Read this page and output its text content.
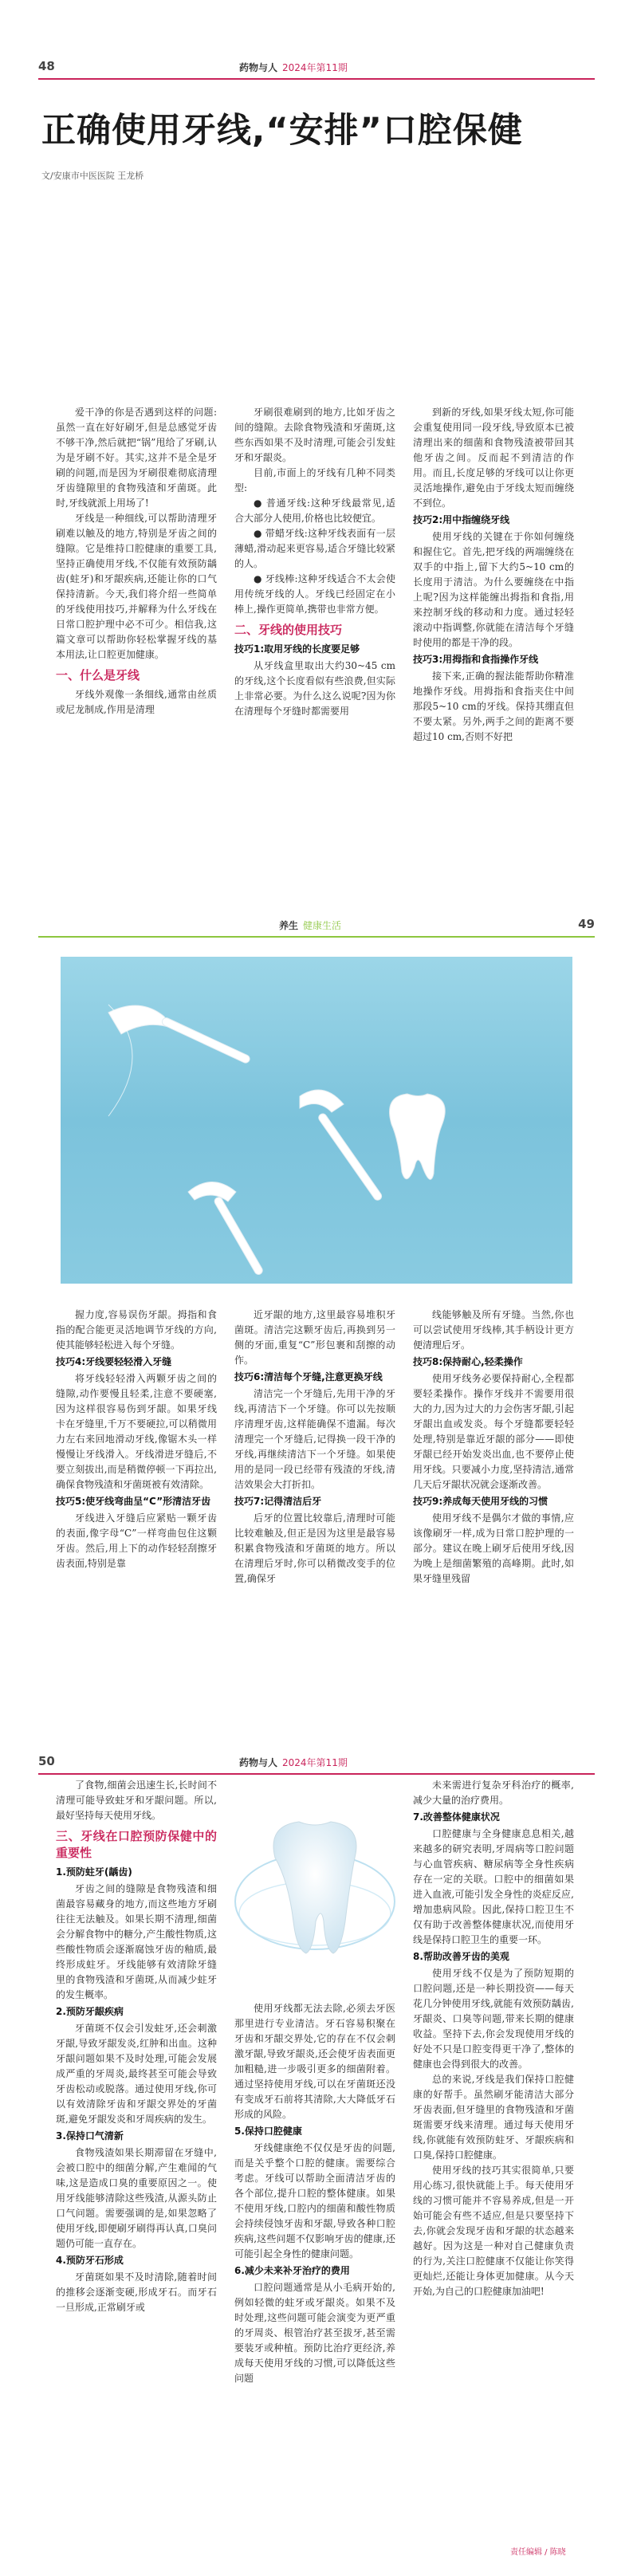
48	药物与人 2024年第11期
正确使用牙线,“安排”口腔保健
文/安康市中医医院 王龙桥

爱干净的你是否遇到这样的问题:虽然一直在好好刷牙,但是总感觉牙齿不够干净,然后就把“锅”甩给了牙刷,认为是牙刷不好。其实,这并不是全是牙刷的问题,而是因为牙刷很难彻底清理牙齿缝隙里的食物残渣和牙菌斑。此时,牙线就派上用场了!

牙线是一种细线,可以帮助清理牙刷难以触及的地方,特别是牙齿之间的缝隙。它是维持口腔健康的重要工具,坚持正确使用牙线,不仅能有效预防龋齿(蛀牙)和牙龈疾病,还能让你的口气保持清新。今天,我们将介绍一些简单的牙线使用技巧,并解释为什么牙线在日常口腔护理中必不可少。相信我,这篇文章可以帮助你轻松掌握牙线的基本用法,让口腔更加健康。

一、什么是牙线

牙线外观像一条细线,通常由丝质或尼龙制成,作用是清理

牙刷很难刷到的地方,比如牙齿之间的缝隙。去除食物残渣和牙菌斑,这些东西如果不及时清理,可能会引发蛀牙和牙龈炎。

目前,市面上的牙线有几种不同类型:

● 普通牙线:这种牙线最常见,适合大部分人使用,价格也比较便宜。

● 带蜡牙线:这种牙线表面有一层薄蜡,滑动起来更容易,适合牙缝比较紧的人。

● 牙线棒:这种牙线适合不太会使用传统牙线的人。牙线已经固定在小棒上,操作更简单,携带也非常方便。

二、牙线的使用技巧
技巧1:取用牙线的长度要足够

从牙线盒里取出大约30~45 cm的牙线,这个长度看似有些浪费,但实际上非常必要。为什么这么说呢?因为你在清理每个牙缝时都需要用

到新的牙线,如果牙线太短,你可能会重复使用同一段牙线,导致原本已被清理出来的细菌和食物残渣被带回其他牙齿之间。反而起不到清洁的作用。而且,长度足够的牙线可以让你更灵活地操作,避免由于牙线太短而缠绕不到位。

技巧2:用中指缠绕牙线

使用牙线的关键在于你如何缠绕和握住它。首先,把牙线的两端缠绕在双手的中指上,留下大约5~10 cm的长度用于清洁。为什么要缠绕在中指上呢?因为这样能缠出拇指和食指,用来控制牙线的移动和力度。通过轻轻滚动中指调整,你就能在清洁每个牙缝时使用的都是干净的段。

技巧3:用拇指和食指操作牙线

接下来,正确的握法能帮助你精准地操作牙线。用拇指和食指夹住中间那段5~10 cm的牙线。保持其绷直但不要太紧。另外,两手之间的距离不要超过10 cm,否则不好把

养生 健康生活	49

握力度,容易误伤牙龈。拇指和食指的配合能更灵活地调节牙线的方向,使其能够轻松进入每个牙缝。

技巧4:牙线要轻轻滑入牙缝

将牙线轻轻滑入两颗牙齿之间的缝隙,动作要慢且轻柔,注意不要硬塞,因为这样很容易伤到牙龈。如果牙线卡在牙缝里,千万不要硬拉,可以稍微用力左右来回地滑动牙线,像锯木头一样慢慢让牙线滑入。牙线滑进牙缝后,不要立刻拔出,而是稍微停顿一下再拉出,确保食物残渣和牙菌斑被有效清除。

技巧5:使牙线弯曲呈“C”形清洁牙齿

牙线进入牙缝后应紧贴一颗牙齿的表面,像字母“C”一样弯曲包住这颗牙齿。然后,用上下的动作轻轻刮擦牙齿表面,特别是靠

近牙龈的地方,这里最容易堆积牙菌斑。清洁完这颗牙齿后,再换到另一侧的牙面,重复“C”形包裹和刮擦的动作。

技巧6:清洁每个牙缝,注意更换牙线

清洁完一个牙缝后,先用干净的牙线,再清洁下一个牙缝。你可以先按顺序清理牙齿,这样能确保不遗漏。每次清理完一个牙缝后,记得换一段干净的牙线,再继续清洁下一个牙缝。如果使用的是同一段已经带有残渣的牙线,清洁效果会大打折扣。

技巧7:记得清洁后牙

后牙的位置比较靠后,清理时可能比较难触及,但正是因为这里是最容易积累食物残渣和牙菌斑的地方。所以在清理后牙时,你可以稍微改变手的位置,确保牙

线能够触及所有牙缝。当然,你也可以尝试使用牙线棒,其手柄设计更方便清理后牙。

技巧8:保持耐心,轻柔操作

使用牙线务必要保持耐心,全程都要轻柔操作。操作牙线并不需要用很大的力,因为过大的力会伤害牙龈,引起牙龈出血或发炎。每个牙缝都要轻轻处理,特别是靠近牙龈的部分——即使牙龈已经开始发炎出血,也不要停止使用牙线。只要减小力度,坚持清洁,通常几天后牙龈状况就会逐渐改善。

技巧9:养成每天使用牙线的习惯

使用牙线不是偶尔才做的事情,应该像刷牙一样,成为日常口腔护理的一部分。建议在晚上刷牙后使用牙线,因为晚上是细菌繁殖的高峰期。此时,如果牙缝里残留

50	药物与人 2024年第11期

了食物,细菌会迅速生长,长时间不清理可能导致蛀牙和牙龈问题。所以,最好坚持每天使用牙线。

三、牙线在口腔预防保健中的重要性
1.预防蛀牙(龋齿)

牙齿之间的缝隙是食物残渣和细菌最容易藏身的地方,而这些地方牙刷往往无法触及。如果长期不清理,细菌会分解食物中的糖分,产生酸性物质,这些酸性物质会逐渐腐蚀牙齿的釉质,最终形成蛀牙。牙线能够有效清除牙缝里的食物残渣和牙菌斑,从而减少蛀牙的发生概率。

2.预防牙龈疾病

牙菌斑不仅会引发蛀牙,还会刺激牙龈,导致牙龈发炎,红肿和出血。这种牙龈问题如果不及时处理,可能会发展成严重的牙周炎,最终甚至可能会导致牙齿松动或脱落。通过使用牙线,你可以有效清除牙齿和牙龈交界处的牙菌斑,避免牙龈发炎和牙周疾病的发生。

3.保持口气清新

食物残渣如果长期滞留在牙缝中,会被口腔中的细菌分解,产生难闻的气味,这是造成口臭的重要原因之一。使用牙线能够清除这些残渣,从源头防止口气问题。需要强调的是,如果忽略了使用牙线,即便刷牙刷得再认真,口臭问题仍可能一直存在。

4.预防牙石形成

牙菌斑如果不及时清除,随着时间的推移会逐渐变硬,形成牙石。而牙石一旦形成,正常刷牙或

使用牙线都无法去除,必须去牙医那里进行专业清洁。牙石容易积聚在牙齿和牙龈交界处,它的存在不仅会刺激牙龈,导致牙龈炎,还会使牙齿表面更加粗糙,进一步吸引更多的细菌附着。通过坚持使用牙线,可以在牙菌斑还没有变成牙石前将其清除,大大降低牙石形成的风险。

5.保持口腔健康

牙线健康绝不仅仅是牙齿的问题,而是关乎整个口腔的健康。需要综合考虑。牙线可以帮助全面清洁牙齿的各个部位,提升口腔的整体健康。如果不使用牙线,口腔内的细菌和酸性物质会持续侵蚀牙齿和牙龈,导致各种口腔疾病,这些问题不仅影响牙齿的健康,还可能引起全身性的健康问题。

6.减少未来补牙治疗的费用

口腔问题通常是从小毛病开始的,例如轻微的蛀牙或牙龈炎。如果不及时处理,这些问题可能会演变为更严重的牙周炎、根管治疗甚至拔牙,甚至需要装牙或种植。预防比治疗更经济,养成每天使用牙线的习惯,可以降低这些问题

未来需进行复杂牙科治疗的概率,减少大量的治疗费用。

7.改善整体健康状况

口腔健康与全身健康息息相关,越来越多的研究表明,牙周病等口腔问题与心血管疾病、糖尿病等全身性疾病存在一定的关联。口腔中的细菌如果进入血液,可能引发全身性的炎症反应,增加患病风险。因此,保持口腔卫生不仅有助于改善整体健康状况,而使用牙线是保持口腔卫生的重要一环。

8.帮助改善牙齿的美观

使用牙线不仅是为了预防短期的口腔问题,还是一种长期投资——每天花几分钟使用牙线,就能有效预防龋齿,牙龈炎、口臭等问题,带来长期的健康收益。坚持下去,你会发现使用牙线的好处不只是口腔变得更干净了,整体的健康也会得到很大的改善。

总的来说,牙线是我们保持口腔健康的好帮手。虽然刷牙能清洁大部分牙齿表面,但牙缝里的食物残渣和牙菌斑需要牙线来清理。通过每天使用牙线,你就能有效预防蛀牙、牙龈疾病和口臭,保持口腔健康。

使用牙线的技巧其实很简单,只要用心练习,很快就能上手。每天使用牙线的习惯可能并不容易养成,但是一开始可能会有些不适应,但是只要坚持下去,你就会发现牙齿和牙龈的状态越来越好。因为这是一种对自己健康负责的行为,关注口腔健康不仅能让你笑得更灿烂,还能让身体更加健康。从今天开始,为自己的口腔健康加油吧!

责任编辑 / 陈晓
